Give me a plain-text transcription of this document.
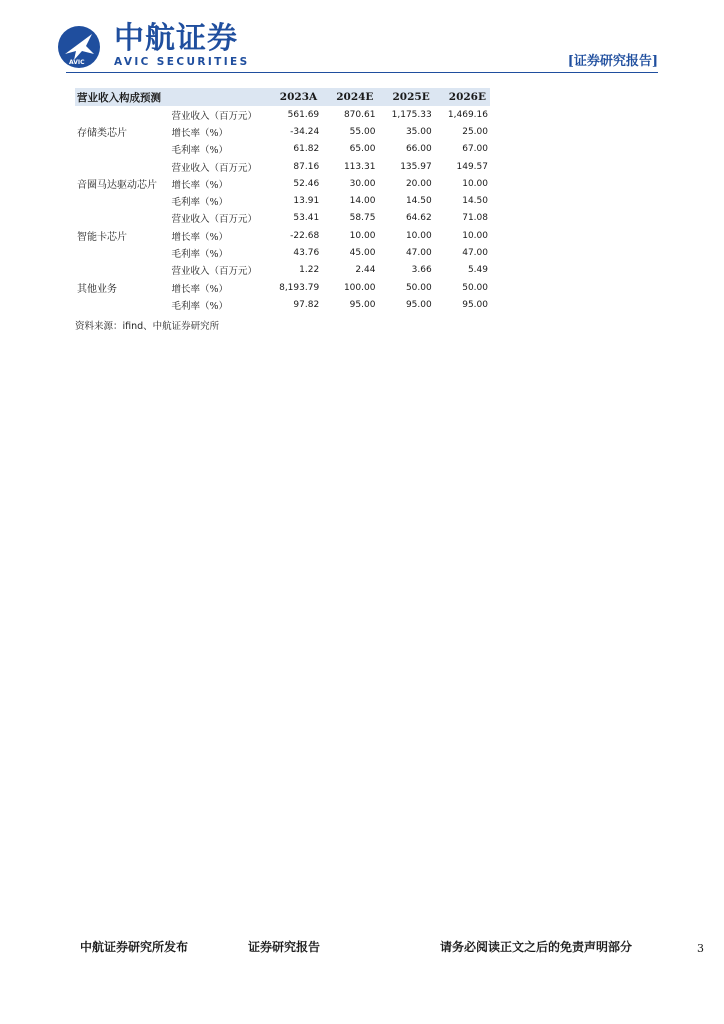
AVIC
中航证券
AVIC SECURITIES	[证券研究报告]
营业收入构成预测		2023A	2024E	2025E	2026E
	营业收入（百万元）	561.69	870.61	1,175.33	1,469.16
存储类芯片	增长率（%）	-34.24	55.00	35.00	25.00
	毛利率（%）	61.82	65.00	66.00	67.00
	营业收入（百万元）	87.16	113.31	135.97	149.57
音圈马达驱动芯片	增长率（%）	52.46	30.00	20.00	10.00
	毛利率（%）	13.91	14.00	14.50	14.50
	营业收入（百万元）	53.41	58.75	64.62	71.08
智能卡芯片	增长率（%）	-22.68	10.00	10.00	10.00
	毛利率（%）	43.76	45.00	47.00	47.00
	营业收入（百万元）	1.22	2.44	3.66	5.49
其他业务	增长率（%）	8,193.79	100.00	50.00	50.00
	毛利率（%）	97.82	95.00	95.00	95.00
资料来源：ifind、中航证券研究所
中航证券研究所发布	证券研究报告	请务必阅读正文之后的免责声明部分	3
